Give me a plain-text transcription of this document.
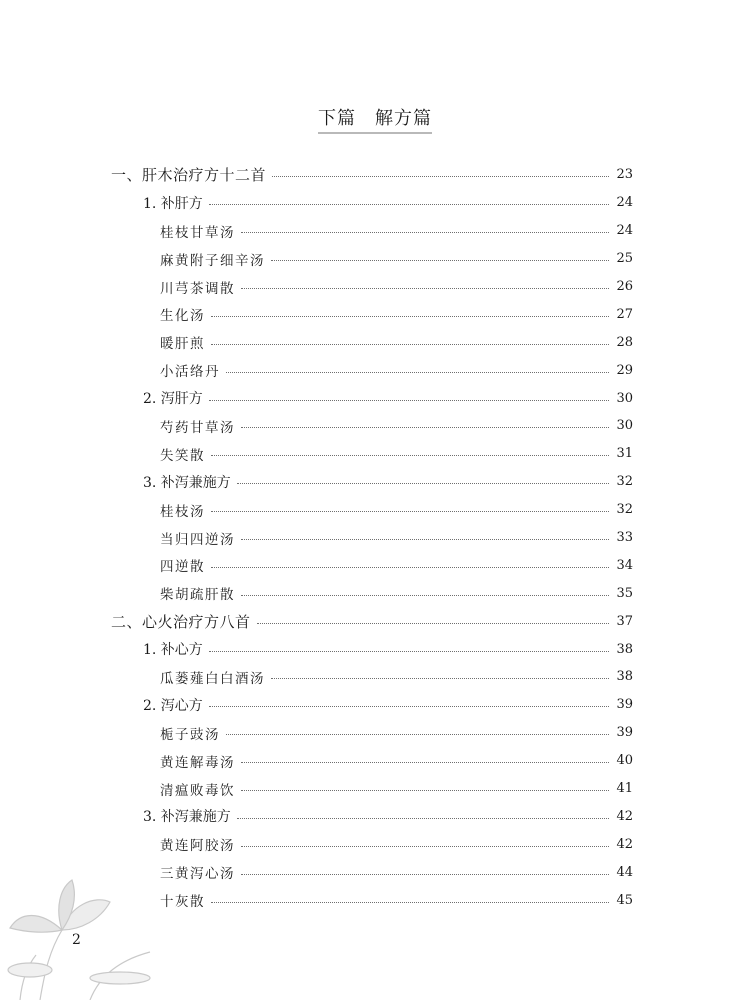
下篇　解方篇
一、肝木治疗方十二首	23
1. 补肝方	24
桂枝甘草汤	24
麻黄附子细辛汤	25
川芎茶调散	26
生化汤	27
暖肝煎	28
小活络丹	29
2. 泻肝方	30
芍药甘草汤	30
失笑散	31
3. 补泻兼施方	32
桂枝汤	32
当归四逆汤	33
四逆散	34
柴胡疏肝散	35
二、心火治疗方八首	37
1. 补心方	38
瓜蒌薤白白酒汤	38
2. 泻心方	39
栀子豉汤	39
黄连解毒汤	40
清瘟败毒饮	41
3. 补泻兼施方	42
黄连阿胶汤	42
三黄泻心汤	44
十灰散	45
2
